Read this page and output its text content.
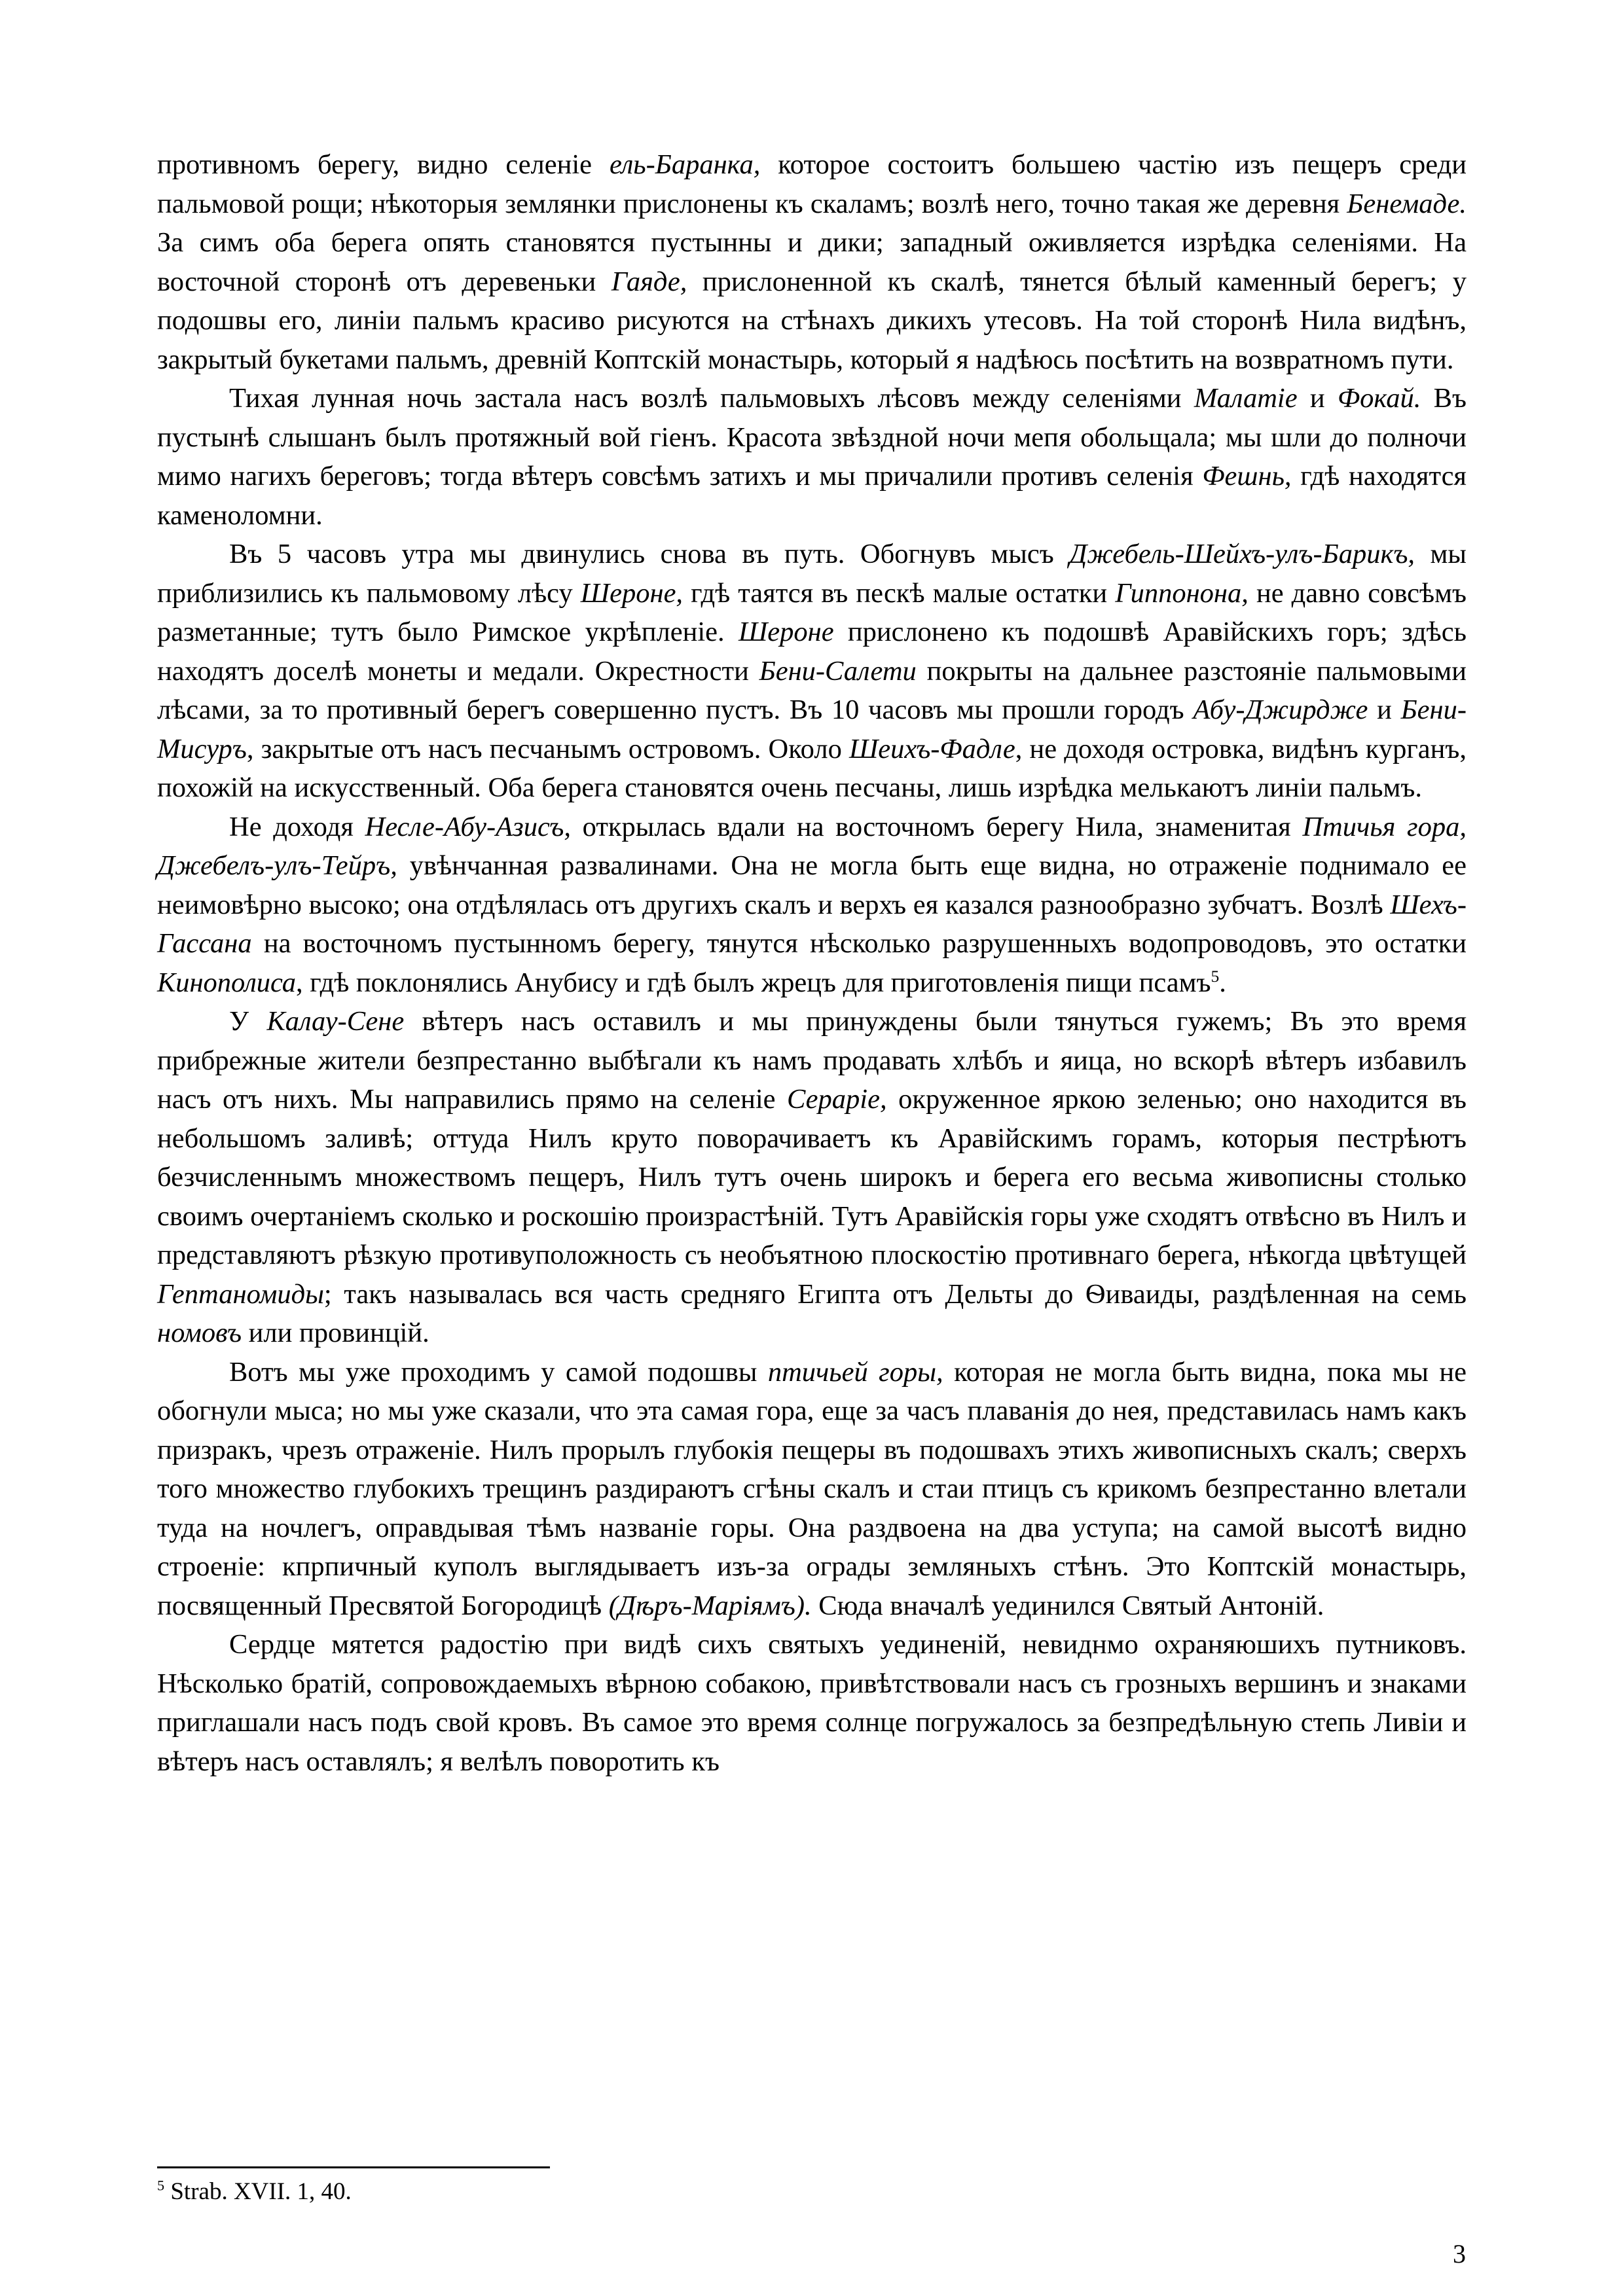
противномъ берегу, видно селеніе ель-Баранка, которое состоитъ большею частію изъ пещеръ среди пальмовой рощи; нѣкоторыя землянки прислонены къ скаламъ; возлѣ него, точно такая же деревня Бенемаде. За симъ оба берега опять становятся пустынны и дики; западный оживляется изрѣдка селеніями. На восточной сторонѣ отъ деревеньки Гаяде, прислоненной къ скалѣ, тянется бѣлый каменный берегъ; у подошвы его, линіи пальмъ красиво рисуются на стѣнахъ дикихъ утесовъ. На той сторонѣ Нила видѣнъ, закрытый букетами пальмъ, древній Коптскій монастырь, который я надѣюсь посѣтить на возвратномъ пути.

Тихая лунная ночь застала насъ возлѣ пальмовыхъ лѣсовъ между селеніями Малатіе и Фокай. Въ пустынѣ слышанъ былъ протяжный вой гіенъ. Красота звѣздной ночи мепя обольщала; мы шли до полночи мимо нагихъ береговъ; тогда вѣтеръ совсѣмъ затихъ и мы причалили противъ селенія Фешнь, гдѣ находятся каменоломни.

Въ 5 часовъ утра мы двинулись снова въ путь. Обогнувъ мысъ Джебель-Шейхъ-улъ-Барикъ, мы приблизились къ пальмовому лѣсу Шероне, гдѣ таятся въ пескѣ малые остатки Гиппонона, не давно совсѣмъ разметанные; тутъ было Римское укрѣпленіе. Шероне прислонено къ подошвѣ Аравійскихъ горъ; здѣсь находятъ доселѣ монеты и медали. Окрестности Бени-Салети покрыты на дальнее разстояніе пальмовыми лѣсами, за то противный берегъ совершенно пустъ. Въ 10 часовъ мы прошли городъ Абу-Джирдже и Бени-Мисуръ, закрытые отъ насъ песчанымъ островомъ. Около Шеихъ-Фадле, не доходя островка, видѣнъ курганъ, похожій на искусственный. Оба берега становятся очень песчаны, лишь изрѣдка мелькаютъ линіи пальмъ.

Не доходя Несле-Абу-Азисъ, открылась вдали на восточномъ берегу Нила, знаменитая Птичья гора, Джебелъ-улъ-Тейръ, увѣнчанная развалинами. Она не могла быть еще видна, но отраженіе поднимало ее неимовѣрно высоко; она отдѣлялась отъ другихъ скалъ и верхъ ея казался разнообразно зубчатъ. Возлѣ Шехъ-Гассана на восточномъ пустынномъ берегу, тянутся нѣсколько разрушенныхъ водопроводовъ, это остатки Кинополиса, гдѣ поклонялись Анубису и гдѣ былъ жрецъ для приготовленія пищи псамъ$^5$.

У Калау-Сене вѣтеръ насъ оставилъ и мы принуждены были тянуться гужемъ; Въ это время прибрежные жители безпрестанно выбѣгали къ намъ продавать хлѣбъ и яица, но вскорѣ вѣтеръ избавилъ насъ отъ нихъ. Мы направились прямо на селеніе Серарiе, окруженное яркою зеленью; оно находится въ небольшомъ заливѣ; оттуда Нилъ круто поворачиваетъ къ Аравійскимъ горамъ, которыя пестрѣютъ безчисленнымъ множествомъ пещеръ, Нилъ тутъ очень широкъ и берега его весьма живописны столько своимъ очертаніемъ сколько и роскошію произрастѣній. Тутъ Аравійскія горы уже сходятъ отвѣсно въ Нилъ и представляютъ рѣзкую противуположность съ необъятною плоскостію противнаго берега, нѣкогда цвѣтущей Гептаномиды; такъ называлась вся часть средняго Египта отъ Дельты до Ѳиваиды, раздѣленная на семь номовъ или провинцій.

Вотъ мы уже проходимъ у самой подошвы птичьей горы, которая не могла быть видна, пока мы не обогнули мыса; но мы уже сказали, что эта самая гора, еще за часъ плаванія до нея, представилась намъ какъ призракъ, чрезъ отраженіе. Нилъ прорылъ глубокія пещеры въ подошвахъ этихъ живописныхъ скалъ; сверхъ того множество глубокихъ трещинъ раздираютъ сгѣны скалъ и стаи птицъ съ крикомъ безпрестанно влетали туда на ночлегъ, оправдывая тѣмъ названіе горы. Она раздвоена на два уступа; на самой высотѣ видно строеніе: кпрпичный куполъ выглядываетъ изъ-за ограды земляныхъ стѣнъ. Это Коптскій монастырь, посвященный Пресвятой Богородицѣ (Дѣръ-Маріямъ). Сюда вначалѣ уединился Святый Антоній.

Сердце мятется радостію при видѣ сихъ святыхъ уединеній, невиднмо охраняюшихъ путниковъ. Нѣсколько братій, сопровождаемыхъ вѣрною собакою, привѣтствовали насъ съ грозныхъ вершинъ и знаками приглашали насъ подъ свой кровъ. Въ самое это время солнце погружалось за безпредѣльную степь Ливіи и вѣтеръ насъ оставлялъ; я велѣлъ поворотить къ

$^5$ Strab. XVII. 1, 40.
3
